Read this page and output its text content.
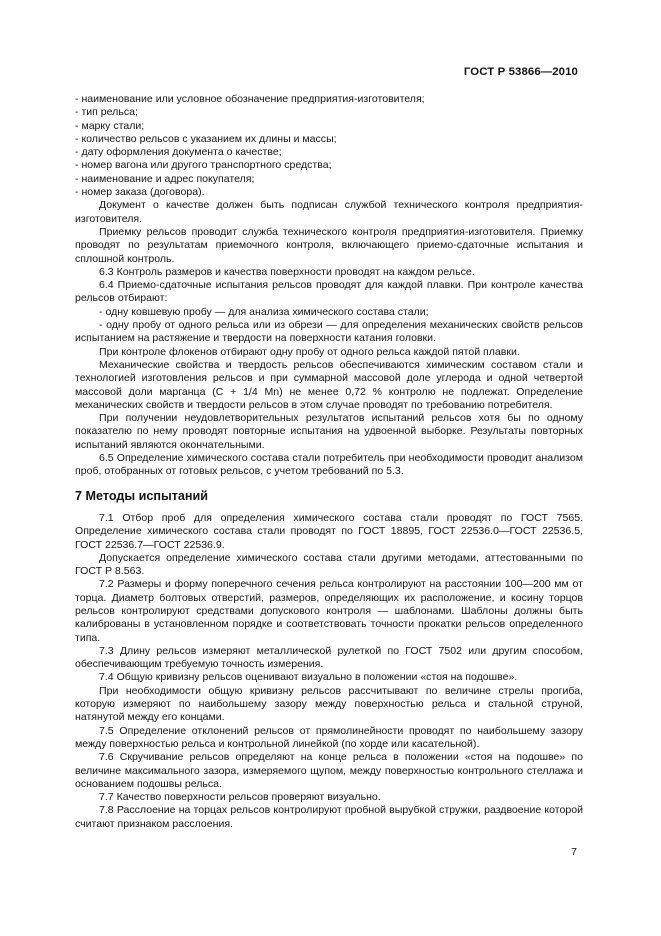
ГОСТ Р 53866—2010

- наименование или условное обозначение предприятия-изготовителя;

- тип рельса;

- марку стали;

- количество рельсов с указанием их длины и массы;

- дату оформления документа о качестве;

- номер вагона или другого транспортного средства;

- наименование и адрес покупателя;

- номер заказа (договора).

Документ о качестве должен быть подписан службой технического контроля предприятия-изготовителя.

Приемку рельсов проводит служба технического контроля предприятия-изготовителя. Приемку проводят по результатам приемочного контроля, включающего приемо-сдаточные испытания и сплошной контроль.

6.3 Контроль размеров и качества поверхности проводят на каждом рельсе.

6.4 Приемо-сдаточные испытания рельсов проводят для каждой плавки. При контроле качества рельсов отбирают:

- одну ковшевую пробу — для анализа химического состава стали;

- одну пробу от одного рельса или из обрези — для определения механических свойств рельсов испытанием на растяжение и твердости на поверхности катания головки.

При контроле флокенов отбирают одну пробу от одного рельса каждой пятой плавки.

Механические свойства и твердость рельсов обеспечиваются химическим составом стали и технологией изготовления рельсов и при суммарной массовой доле углерода и одной четвертой массовой доли марганца (С + 1/4 Mn) не менее 0,72 % контролю не подлежат. Определение механических свойств и твердости рельсов в этом случае проводят по требованию потребителя.

При получении неудовлетворительных результатов испытаний рельсов хотя бы по одному показателю по нему проводят повторные испытания на удвоенной выборке. Результаты повторных испытаний являются окончательными.

6.5 Определение химического состава стали потребитель при необходимости проводит анализом проб, отобранных от готовых рельсов, с учетом требований по 5.3.

7 Методы испытаний

7.1 Отбор проб для определения химического состава стали проводят по ГОСТ 7565. Определение химического состава стали проводят по ГОСТ 18895, ГОСТ 22536.0—ГОСТ 22536.5, ГОСТ 22536.7—ГОСТ 22536.9.

Допускается определение химического состава стали другими методами, аттестованными по ГОСТ Р 8.563.

7.2 Размеры и форму поперечного сечения рельса контролируют на расстоянии 100—200 мм от торца. Диаметр болтовых отверстий, размеров, определяющих их расположение, и косину торцов рельсов контролируют средствами допускового контроля — шаблонами. Шаблоны должны быть калиброваны в установленном порядке и соответствовать точности прокатки рельсов определенного типа.

7.3 Длину рельсов измеряют металлической рулеткой по ГОСТ 7502 или другим способом, обеспечивающим требуемую точность измерения.

7.4 Общую кривизну рельсов оценивают визуально в положении «стоя на подошве».

При необходимости общую кривизну рельсов рассчитывают по величине стрелы прогиба, которую измеряют по наибольшему зазору между поверхностью рельса и стальной струной, натянутой между его концами.

7.5 Определение отклонений рельсов от прямолинейности проводят по наибольшему зазору между поверхностью рельса и контрольной линейкой (по хорде или касательной).

7.6 Скручивание рельсов определяют на конце рельса в положении «стоя на подошве» по величине максимального зазора, измеряемого щупом, между поверхностью контрольного стеллажа и основанием подошвы рельса.

7.7 Качество поверхности рельсов проверяют визуально.

7.8 Расслоение на торцах рельсов контролируют пробной вырубкой стружки, раздвоение которой считают признаком расслоения.

7
